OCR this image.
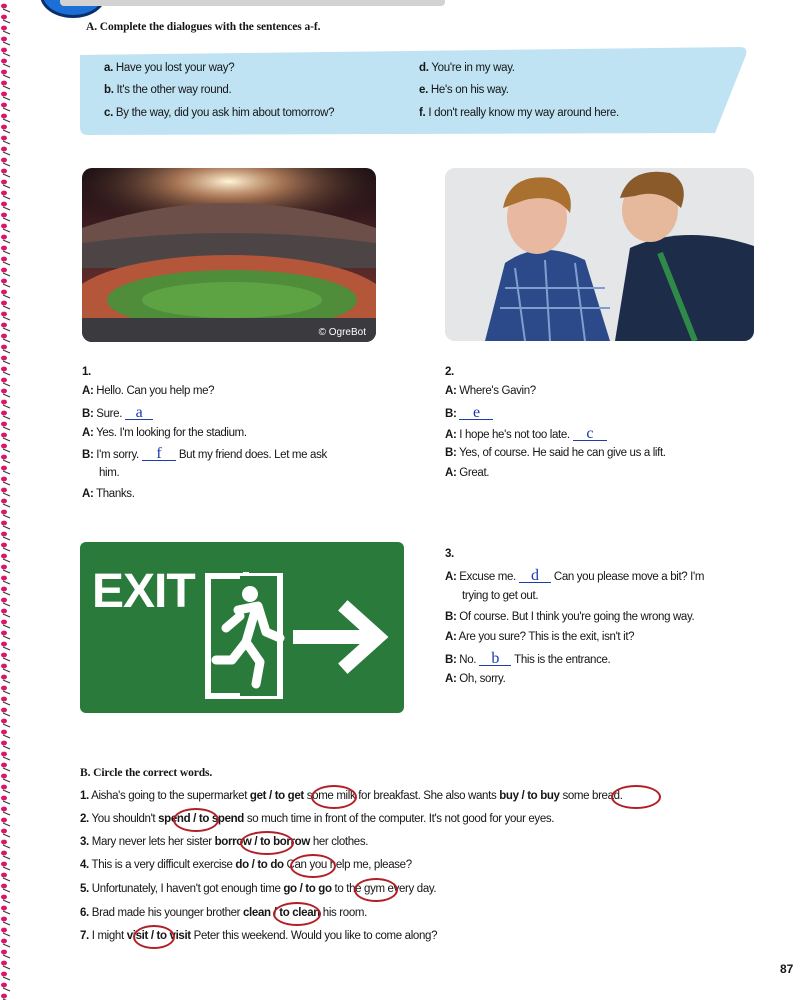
A. Complete the dialogues with the sentences a-f.
a. Have you lost your way?
b. It's the other way round.
c. By the way, did you ask him about tomorrow?
d. You're in my way.
e. He's on his way.
f. I don't really know my way around here.
© OgreBot
1.
A: Hello. Can you help me?
B: Sure. a
A: Yes. I'm looking for the stadium.
B: I'm sorry. f But my friend does. Let me ask
him.
A: Thanks.
2.
A: Where's Gavin?
B: e
A: I hope he's not too late. c
B: Yes, of course. He said he can give us a lift.
A: Great.
EXIT
3.
A: Excuse me. d Can you please move a bit? I'm
trying to get out.
B: Of course. But I think you're going the wrong way.
A: Are you sure? This is the exit, isn't it?
B: No. b This is the entrance.
A: Oh, sorry.
B. Circle the correct words.
1. Aisha's going to the supermarket get / to get some milk for breakfast. She also wants buy / to buy some bread.
2. You shouldn't spend / to spend so much time in front of the computer. It's not good for your eyes.
3. Mary never lets her sister borrow / to borrow her clothes.
4. This is a very difficult exercise do / to do Can you help me, please?
5. Unfortunately, I haven't got enough time go / to go to the gym every day.
6. Brad made his younger brother clean / to clean his room.
7. I might visit / to visit Peter this weekend. Would you like to come along?
87
